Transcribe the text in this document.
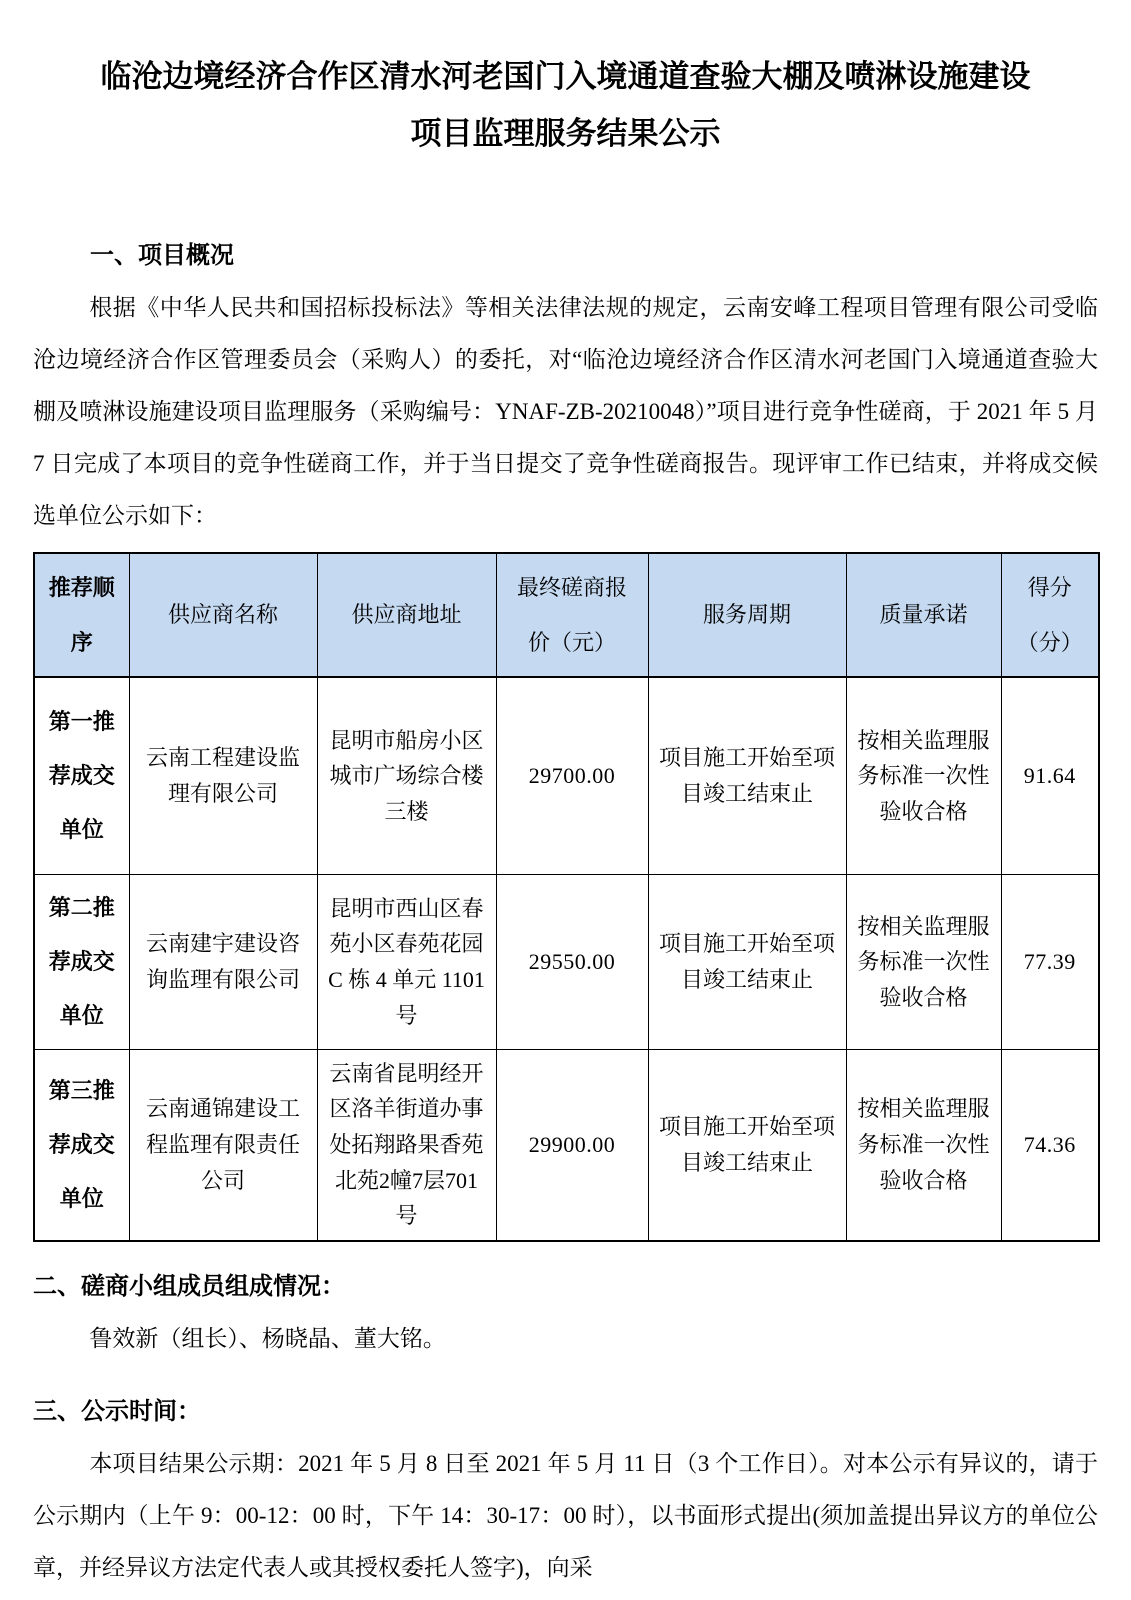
临沧边境经济合作区清水河老国门入境通道查验大棚及喷淋设施建设
项目监理服务结果公示
一、项目概况

根据《中华人民共和国招标投标法》等相关法律法规的规定，云南安峰工程项目管理有限公司受临沧边境经济合作区管理委员会（采购人）的委托，对“临沧边境经济合作区清水河老国门入境通道查验大棚及喷淋设施建设项目监理服务（采购编号：YNAF-ZB-20210048）”项目进行竞争性磋商，于 2021 年 5 月 7 日完成了本项目的竞争性磋商工作，并于当日提交了竞争性磋商报告。现评审工作已结束，并将成交候选单位公示如下：

推荐顺序	供应商名称	供应商地址	最终磋商报价（元）	服务周期	质量承诺	得分（分）
第一推荐成交单位	云南工程建设监理有限公司	昆明市船房小区城市广场综合楼三楼	29700.00	项目施工开始至项目竣工结束止	按相关监理服务标准一次性验收合格	91.64
第二推荐成交单位	云南建宇建设咨询监理有限公司	昆明市西山区春苑小区春苑花园 C 栋 4 单元 1101 号	29550.00	项目施工开始至项目竣工结束止	按相关监理服务标准一次性验收合格	77.39
第三推荐成交单位	云南通锦建设工程监理有限责任公司	云南省昆明经开区洛羊街道办事处拓翔路果香苑北苑2幢7层701号	29900.00	项目施工开始至项目竣工结束止	按相关监理服务标准一次性验收合格	74.36
二、磋商小组成员组成情况：

鲁效新（组长）、杨晓晶、董大铭。

三、公示时间：

本项目结果公示期：2021 年 5 月 8 日至 2021 年 5 月 11 日（3 个工作日）。对本公示有异议的，请于公示期内（上午 9：00-12：00 时，下午 14：30-17：00 时），以书面形式提出(须加盖提出异议方的单位公章，并经异议方法定代表人或其授权委托人签字)，向采
